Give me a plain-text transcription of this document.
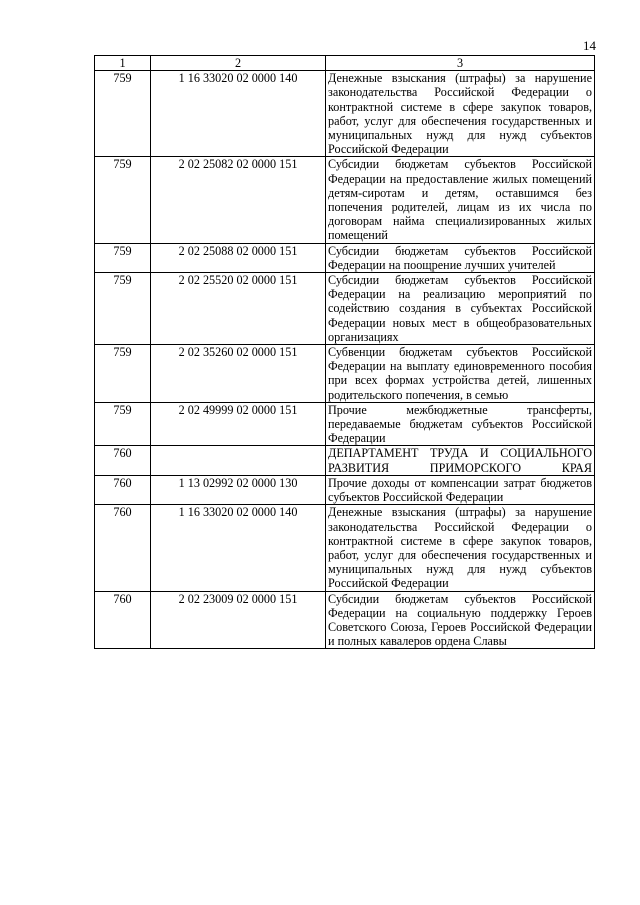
14
1	2	3
759	1 16 33020 02 0000 140	Денежные взыскания (штрафы) за нарушение законодательства Российской Федерации о контрактной системе в сфере закупок товаров, работ, услуг для обеспечения государственных и муниципальных нужд для нужд субъектов Российской Федерации
759	2 02 25082 02 0000 151	Субсидии бюджетам субъектов Российской Федерации на предоставление жилых помещений детям-сиротам и детям, оставшимся без попечения родителей, лицам из их числа по договорам найма специализированных жилых помещений
759	2 02 25088 02 0000 151	Субсидии бюджетам субъектов Российской Федерации на поощрение лучших учителей
759	2 02 25520 02 0000 151	Субсидии бюджетам субъектов Российской Федерации на реализацию мероприятий по содействию создания в субъектах Российской Федерации новых мест в общеобразовательных организациях
759	2 02 35260 02 0000 151	Субвенции бюджетам субъектов Российской Федерации на выплату единовременного пособия при всех формах устройства детей, лишенных родительского попечения, в семью
759	2 02 49999 02 0000 151	Прочие межбюджетные трансферты, передаваемые бюджетам субъектов Российской Федерации
760		ДЕПАРТАМЕНТ ТРУДА И СОЦИАЛЬНОГО РАЗВИТИЯ ПРИМОРСКОГО КРАЯ
760	1 13 02992 02 0000 130	Прочие доходы от компенсации затрат бюджетов субъектов Российской Федерации
760	1 16 33020 02 0000 140	Денежные взыскания (штрафы) за нарушение законодательства Российской Федерации о контрактной системе в сфере закупок товаров, работ, услуг для обеспечения государственных и муниципальных нужд для нужд субъектов Российской Федерации
760	2 02 23009 02 0000 151	Субсидии бюджетам субъектов Российской Федерации на социальную поддержку Героев Советского Союза, Героев Российской Федерации и полных кавалеров ордена Славы
